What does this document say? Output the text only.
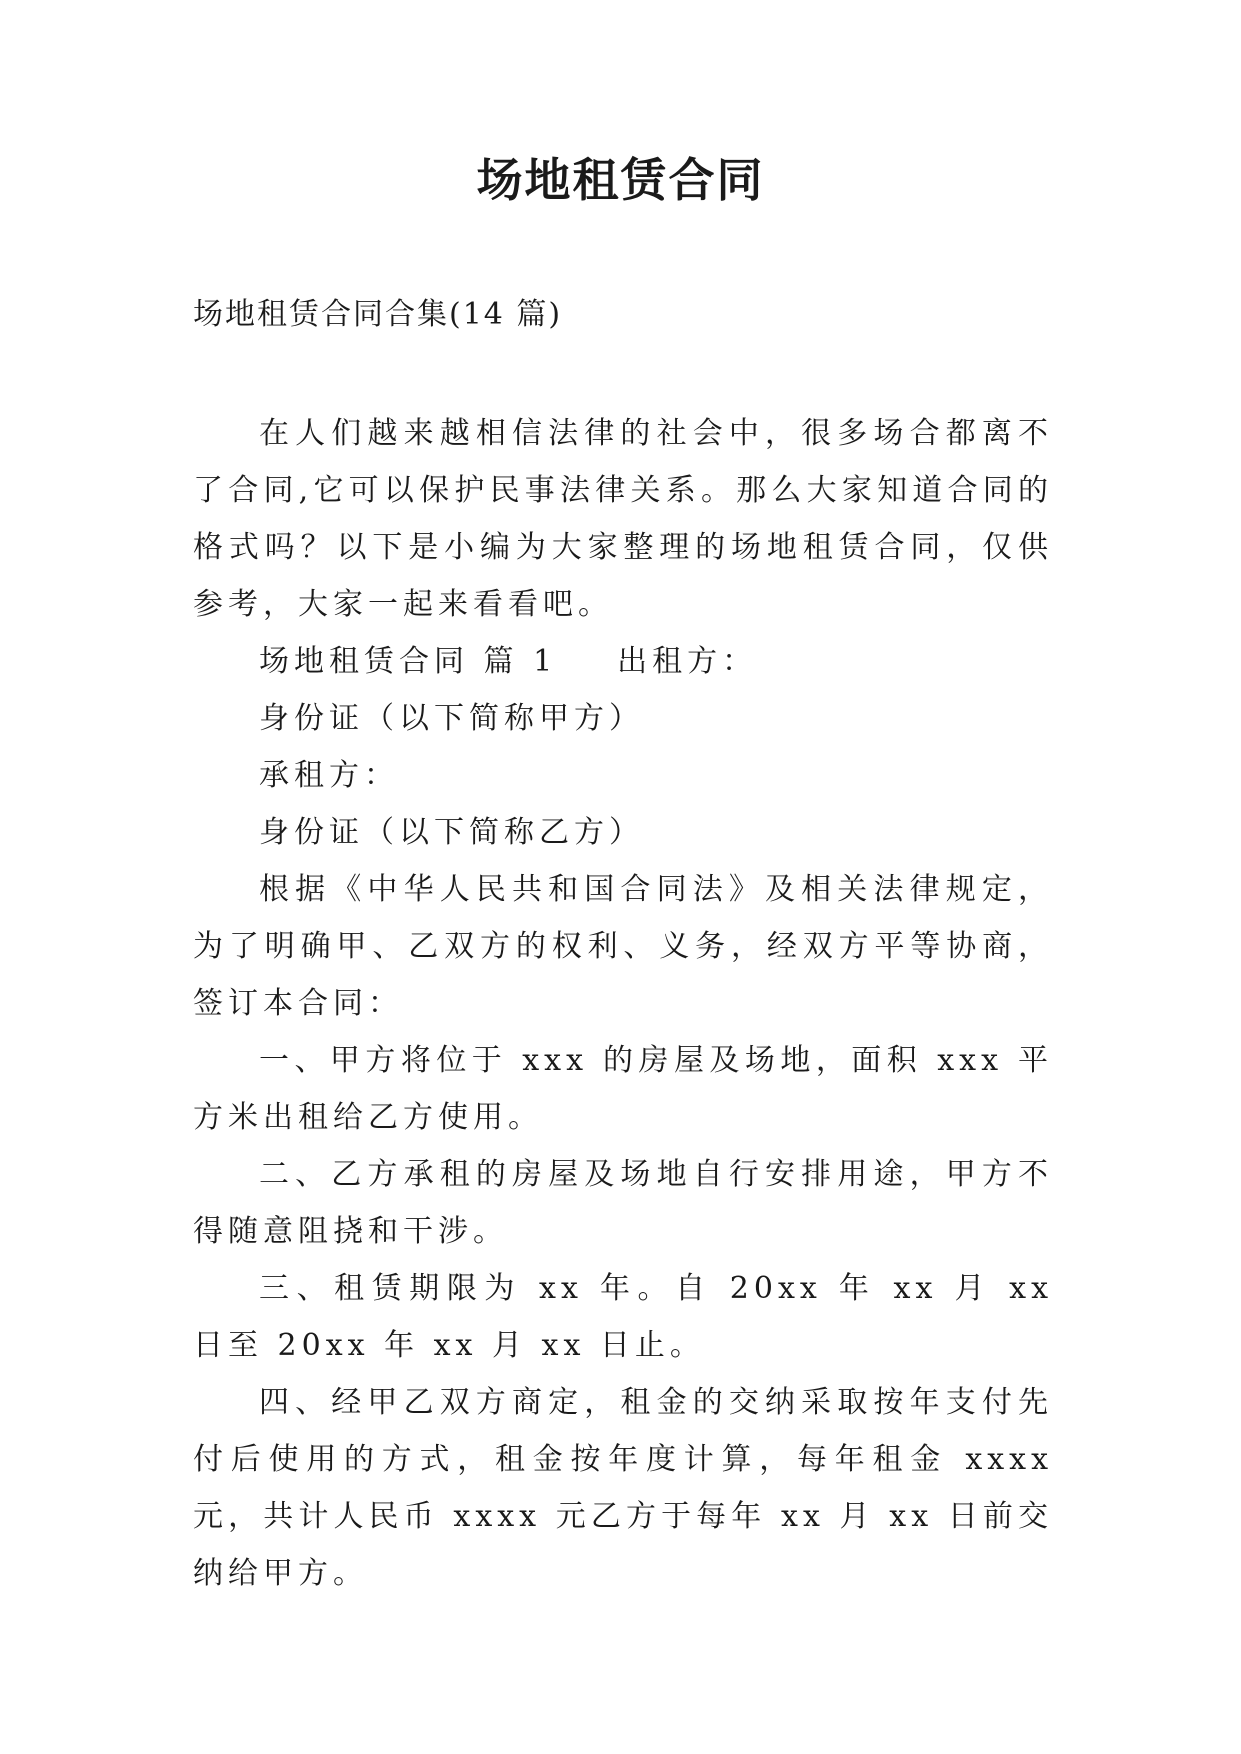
场地租赁合同

场地租赁合同合集(14 篇)

在人们越来越相信法律的社会中，很多场合都离不了合同,它可以保护民事法律关系。那么大家知道合同的格式吗？以下是小编为大家整理的场地租赁合同，仅供参考，大家一起来看看吧。

场地租赁合同 篇 1 出租方：

身份证（以下简称甲方）

承租方：

身份证（以下简称乙方）

根据《中华人民共和国合同法》及相关法律规定，为了明确甲、乙双方的权利、义务，经双方平等协商，签订本合同：

一、甲方将位于 xxx 的房屋及场地，面积 xxx 平方米出租给乙方使用。

二、乙方承租的房屋及场地自行安排用途，甲方不得随意阻挠和干涉。

三、租赁期限为 xx 年。自 20xx 年 xx 月 xx 日至 20xx 年 xx 月 xx 日止。

四、经甲乙双方商定，租金的交纳采取按年支付先付后使用的方式，租金按年度计算，每年租金 xxxx 元，共计人民币 xxxx 元乙方于每年 xx 月 xx 日前交纳给甲方。
